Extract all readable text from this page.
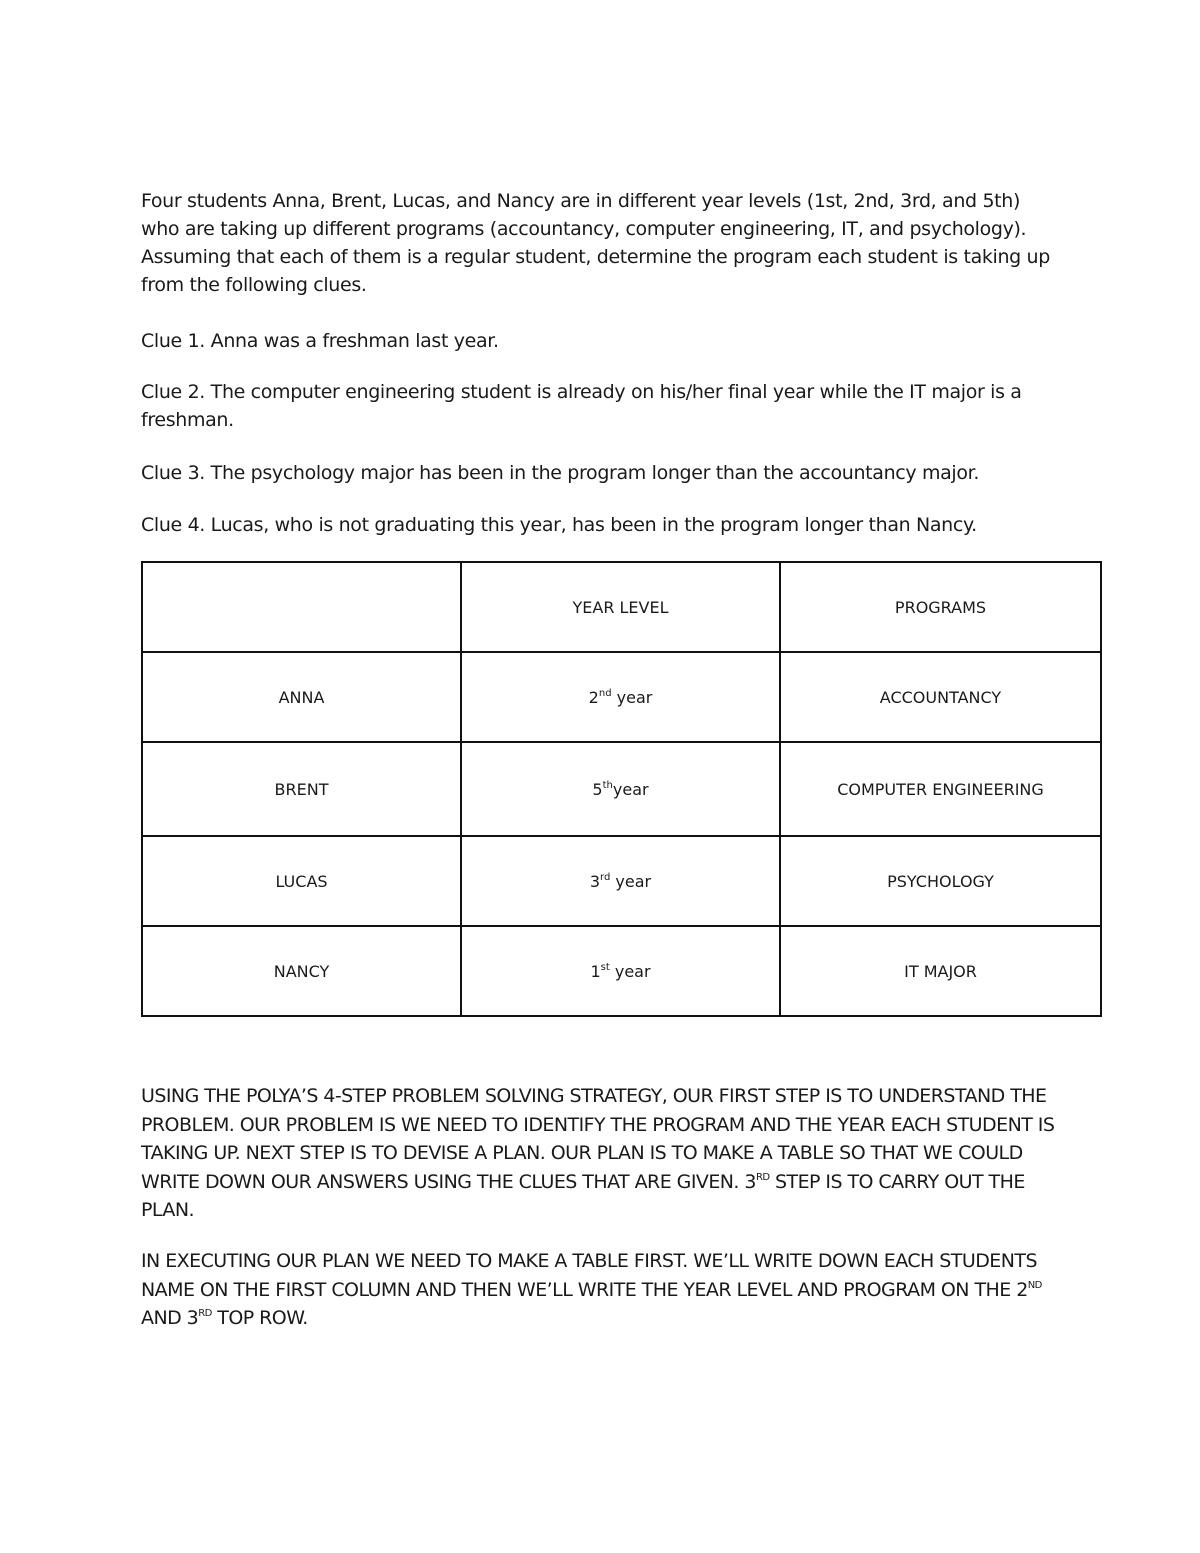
Four students Anna, Brent, Lucas, and Nancy are in different year levels (1st, 2nd, 3rd, and 5th) who are taking up different programs (accountancy, computer engineering, IT, and psychology). Assuming that each of them is a regular student, determine the program each student is taking up from the following clues.

Clue 1. Anna was a freshman last year.

Clue 2. The computer engineering student is already on his/her final year while the IT major is a freshman.

Clue 3. The psychology major has been in the program longer than the accountancy major.

Clue 4. Lucas, who is not graduating this year, has been in the program longer than Nancy.

	YEAR LEVEL	PROGRAMS
ANNA	2nd year	ACCOUNTANCY
BRENT	5thyear	COMPUTER ENGINEERING
LUCAS	3rd year	PSYCHOLOGY
NANCY	1st year	IT MAJOR

USING THE POLYA’S 4-STEP PROBLEM SOLVING STRATEGY, OUR FIRST STEP IS TO UNDERSTAND THE PROBLEM. OUR PROBLEM IS WE NEED TO IDENTIFY THE PROGRAM AND THE YEAR EACH STUDENT IS TAKING UP. NEXT STEP IS TO DEVISE A PLAN. OUR PLAN IS TO MAKE A TABLE SO THAT WE COULD WRITE DOWN OUR ANSWERS USING THE CLUES THAT ARE GIVEN. 3RD STEP IS TO CARRY OUT THE PLAN.

IN EXECUTING OUR PLAN WE NEED TO MAKE A TABLE FIRST. WE’LL WRITE DOWN EACH STUDENTS NAME ON THE FIRST COLUMN AND THEN WE’LL WRITE THE YEAR LEVEL AND PROGRAM ON THE 2ND AND 3RD TOP ROW.
